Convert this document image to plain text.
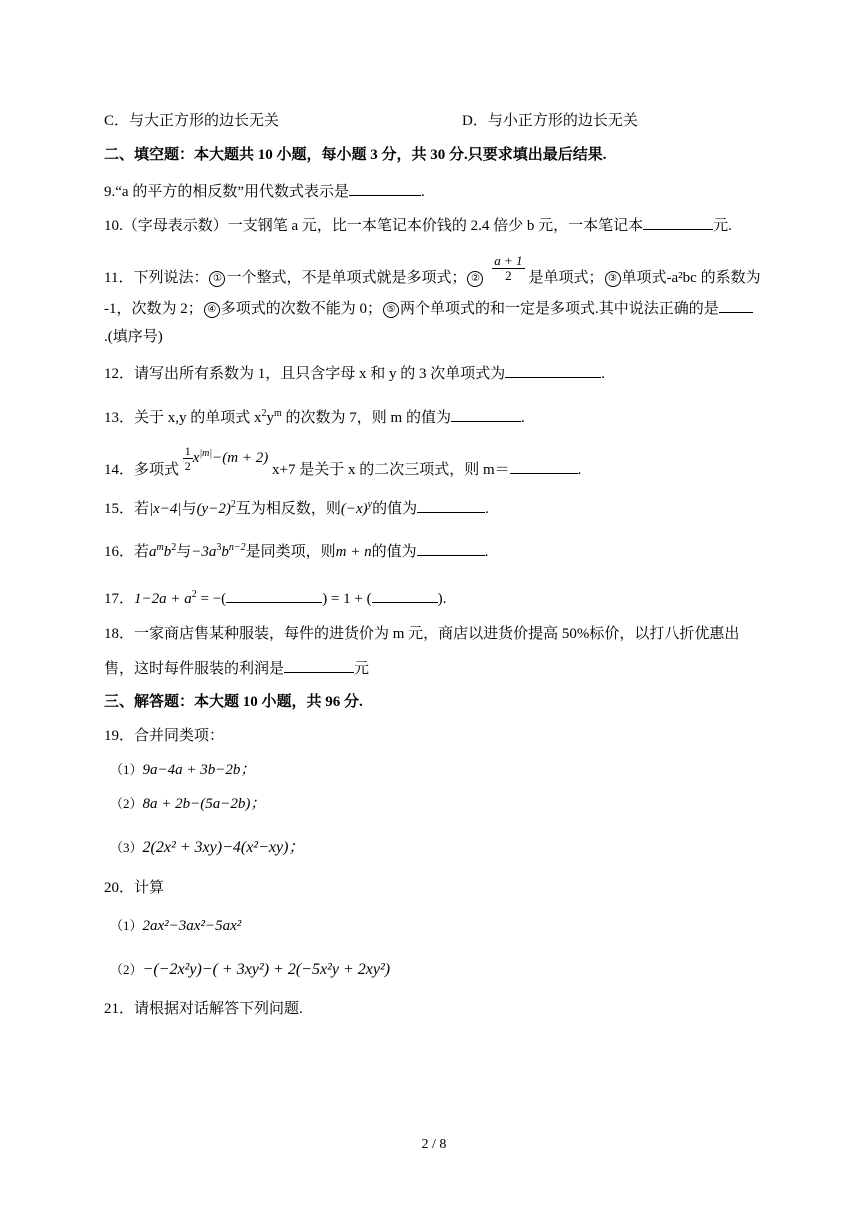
C．与大正方形的边长无关	D．与小正方形的边长无关
二、填空题：本大题共 10 小题，每小题 3 分，共 30 分.只要求填出最后结果.
9.“a 的平方的相反数”用代数式表示是	.
10.（字母表示数）一支钢笔 a 元，比一本笔记本价钱的 2.4 倍少 b 元，一本笔记本	元.
11．下列说法： ① 一个整式，不是单项式就是多项式； ② $\frac{a + 1}{2}$ 是单项式； ③ 单项式-a²bc 的系数为
-1，次数为 2； ④ 多项式的次数不能为 0； ⑤ 两个单项式的和一定是多项式.其中说法正确的是
.(填序号)
12．请写出所有系数为 1，且只含字母 x 和 y 的 3 次单项式为	.
13．关于 x,y 的单项式 $x^2y^m$ 的次数为 7，则 m 的值为	.
14．多项式 $\frac{1}{2} x^{|m|}-(m + 2)$ x+7 是关于 x 的二次三项式，则 m＝	.
15．若|x−4|与$(y-2)^2$互为相反数，则$(-x)^y$的值为	.
16．若$a^mb^2$与$-3a^3b^{n-2}$是同类项，则m + n的值为	.
17．$1-2a + a^2$ = −(	) = 1 + (	).
18．一家商店售某种服装，每件的进货价为 m 元，商店以进货价提高 50%标价，以打八折优惠出
售，这时每件服装的利润是	元
三、解答题：本大题 10 小题，共 96 分.
19．合并同类项：
（1）9a−4a + 3b−2b；
（2）8a + 2b−(5a−2b)；
（3）2(2x² + 3xy)−4(x²−xy)；
20．计算
（1）2ax²−3ax²−5ax²
（2）−(−2x²y)−( + 3xy²) + 2(−5x²y + 2xy²)
21．请根据对话解答下列问题.
2 / 8
